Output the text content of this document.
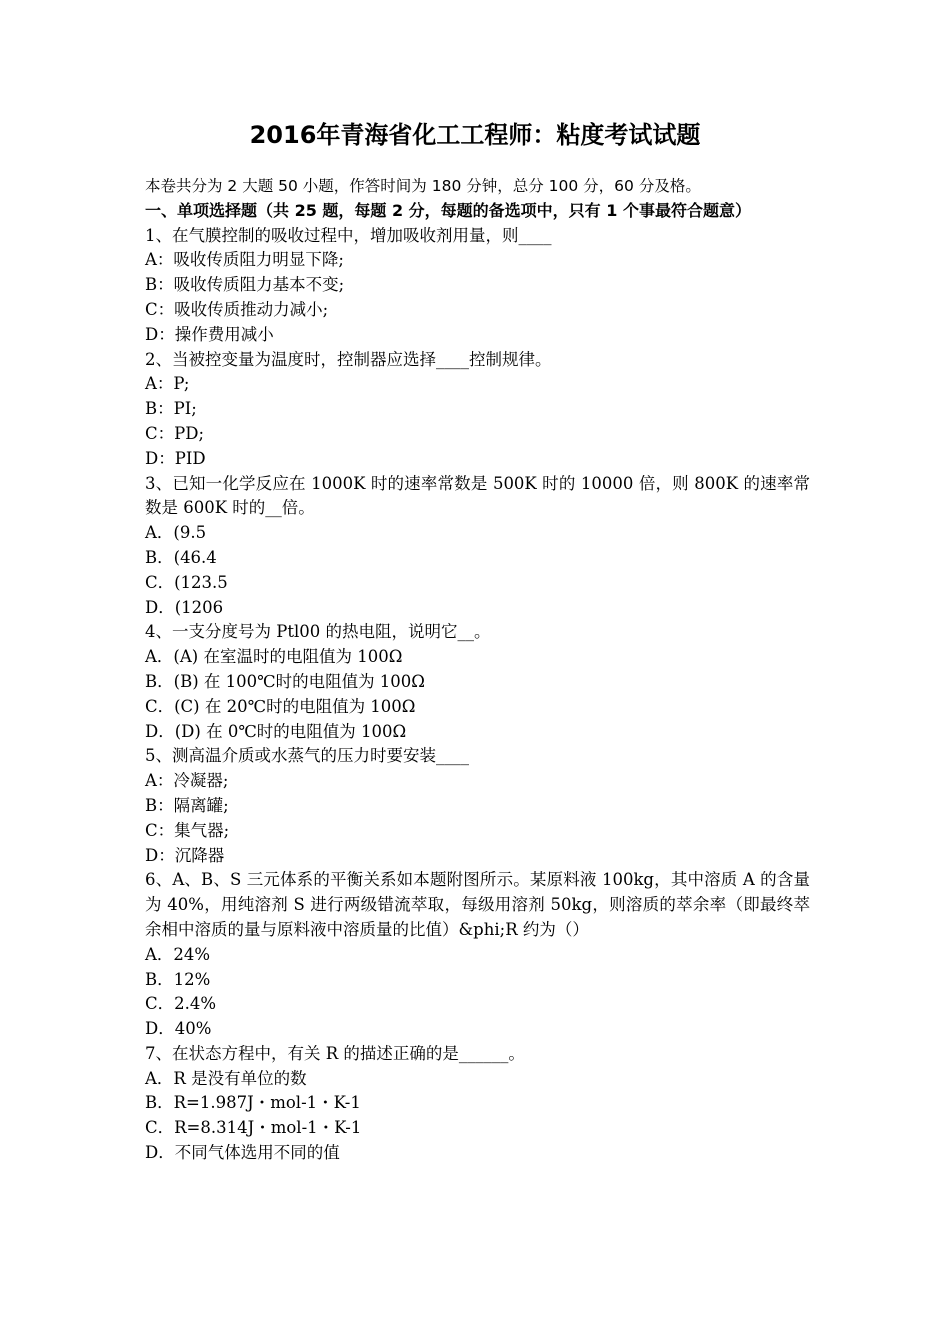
2016年青海省化工工程师：粘度考试试题

本卷共分为 2 大题 50 小题，作答时间为 180 分钟，总分 100 分，60 分及格。

一、单项选择题（共 25 题，每题 2 分，每题的备选项中，只有 1 个事最符合题意）

1、在气膜控制的吸收过程中，增加吸收剂用量，则____

A：吸收传质阻力明显下降;

B：吸收传质阻力基本不变;

C：吸收传质推动力减小;

D：操作费用减小

2、当被控变量为温度时，控制器应选择____控制规律。

A：P;

B：PI;

C：PD;

D：PID

3、已知一化学反应在 1000K 时的速率常数是 500K 时的 10000 倍，则 800K 的速率常数是 600K 时的__倍。

A．(9.5

B．(46.4

C．(123.5

D．(1206

4、一支分度号为 Ptl00 的热电阻，说明它__。

A．(A) 在室温时的电阻值为 100Ω

B．(B) 在 100℃时的电阻值为 100Ω

C．(C) 在 20℃时的电阻值为 100Ω

D．(D) 在 0℃时的电阻值为 100Ω

5、测高温介质或水蒸气的压力时要安装____

A：冷凝器;

B：隔离罐;

C：集气器;

D：沉降器

6、A、B、S 三元体系的平衡关系如本题附图所示。某原料液 100kg，其中溶质 A 的含量为 40%，用纯溶剂 S 进行两级错流萃取，每级用溶剂 50kg，则溶质的萃余率（即最终萃余相中溶质的量与原料液中溶质量的比值）&phi;R 约为（）

A．24%

B．12%

C．2.4%

D．40%

7、在状态方程中，有关 R 的描述正确的是______。

A．R 是没有单位的数

B．R=1.987J・mol-1・K-1

C．R=8.314J・mol-1・K-1

D．不同气体选用不同的值
